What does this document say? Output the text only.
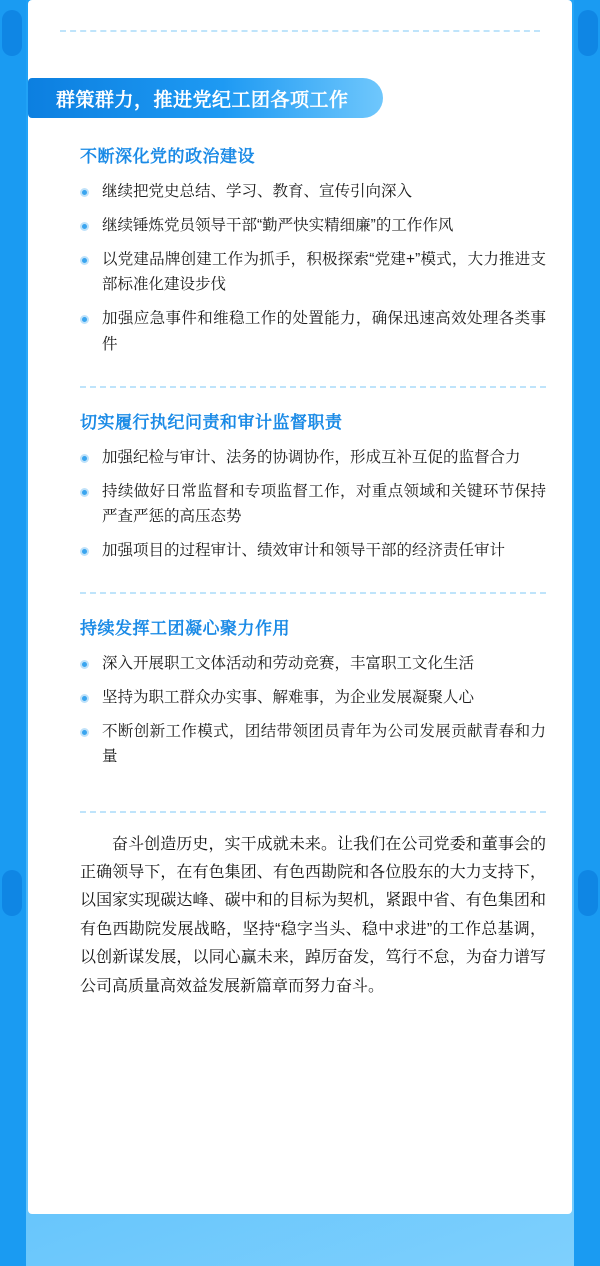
群策群力，推进党纪工团各项工作
不断深化党的政治建设
继续把党史总结、学习、教育、宣传引向深入
继续锤炼党员领导干部“勤严快实精细廉”的工作作风
以党建品牌创建工作为抓手，积极探索“党建+”模式，大力推进支部标准化建设步伐
加强应急事件和维稳工作的处置能力，确保迅速高效处理各类事件
切实履行执纪问责和审计监督职责
加强纪检与审计、法务的协调协作，形成互补互促的监督合力
持续做好日常监督和专项监督工作，对重点领域和关键环节保持严查严惩的高压态势
加强项目的过程审计、绩效审计和领导干部的经济责任审计
持续发挥工团凝心聚力作用
深入开展职工文体活动和劳动竞赛，丰富职工文化生活
坚持为职工群众办实事、解难事，为企业发展凝聚人心
不断创新工作模式，团结带领团员青年为公司发展贡献青春和力量

奋斗创造历史，实干成就未来。让我们在公司党委和董事会的正确领导下，在有色集团、有色西勘院和各位股东的大力支持下，以国家实现碳达峰、碳中和的目标为契机，紧跟中省、有色集团和有色西勘院发展战略，坚持“稳字当头、稳中求进”的工作总基调，以创新谋发展，以同心赢未来，踔厉奋发，笃行不怠，为奋力谱写公司高质量高效益发展新篇章而努力奋斗。
